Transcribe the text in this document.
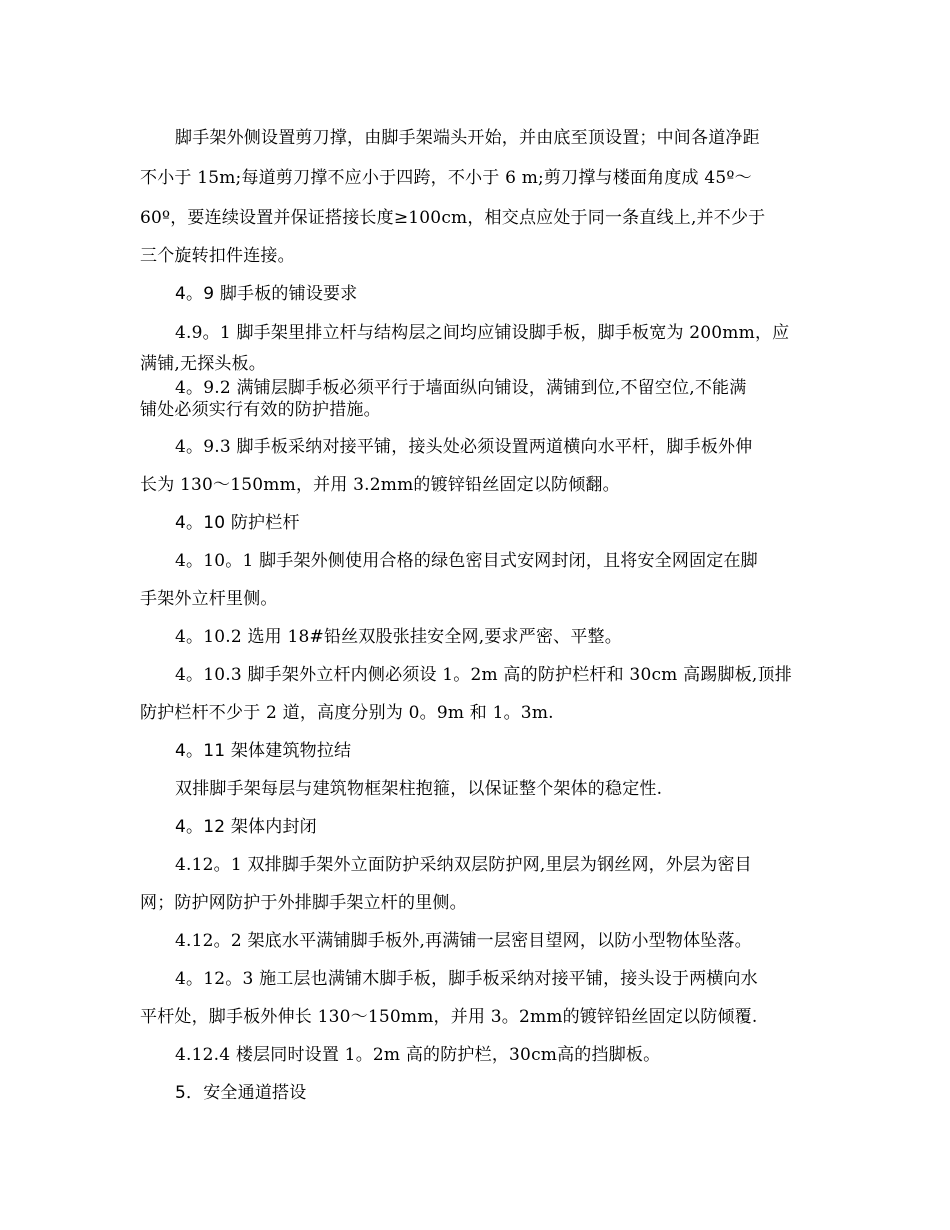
脚手架外侧设置剪刀撑，由脚手架端头开始，并由底至顶设置；中间各道净距
不小于 15m;每道剪刀撑不应小于四跨，不小于 6 m;剪刀撑与楼面角度成 45º～
60º，要连续设置并保证搭接长度≥100cm，相交点应处于同一条直线上,并不少于
三个旋转扣件连接。
4。9 脚手板的铺设要求
4.9。1 脚手架里排立杆与结构层之间均应铺设脚手板，脚手板宽为 200mm，应
满铺,无探头板。
4。9.2 满铺层脚手板必须平行于墙面纵向铺设，满铺到位,不留空位,不能满
铺处必须实行有效的防护措施。
4。9.3 脚手板采纳对接平铺，接头处必须设置两道横向水平杆，脚手板外伸
长为 130～150mm，并用 3.2mm的镀锌铅丝固定以防倾翻。
4。10 防护栏杆
4。10。1 脚手架外侧使用合格的绿色密目式安网封闭，且将安全网固定在脚
手架外立杆里侧。
4。10.2 选用 18#铅丝双股张挂安全网,要求严密、平整。
4。10.3 脚手架外立杆内侧必须设 1。2m 高的防护栏杆和 30cm 高踢脚板,顶排
防护栏杆不少于 2 道，高度分别为 0。9m 和 1。3m.
4。11 架体建筑物拉结
双排脚手架每层与建筑物框架柱抱箍，以保证整个架体的稳定性.
4。12 架体内封闭
4.12。1 双排脚手架外立面防护采纳双层防护网,里层为钢丝网，外层为密目
网；防护网防护于外排脚手架立杆的里侧。
4.12。2 架底水平满铺脚手板外,再满铺一层密目望网，以防小型物体坠落。
4。12。3 施工层也满铺木脚手板，脚手板采纳对接平铺，接头设于两横向水
平杆处，脚手板外伸长 130～150mm，并用 3。2mm的镀锌铅丝固定以防倾覆.
4.12.4 楼层同时设置 1。2m 高的防护栏，30cm高的挡脚板。
5．安全通道搭设
